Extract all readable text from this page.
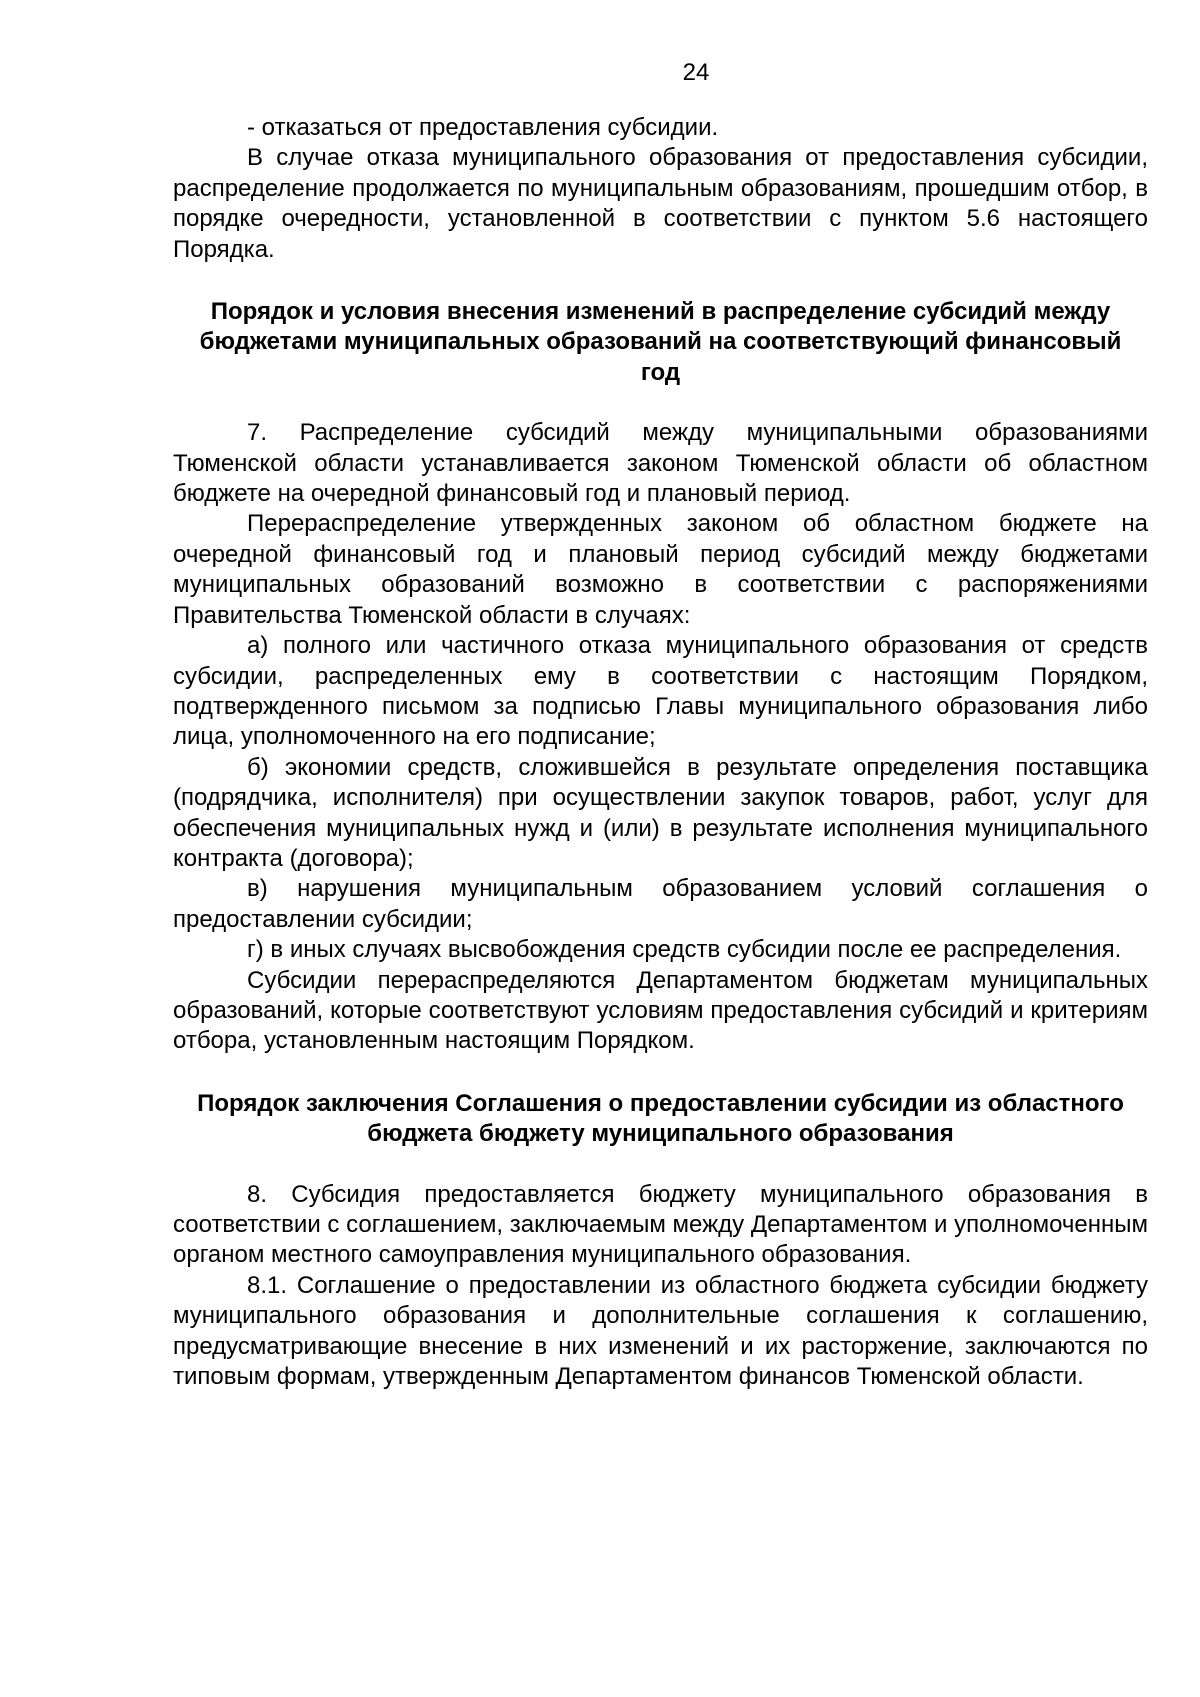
24

- отказаться от предоставления субсидии.

В случае отказа муниципального образования от предоставления субсидии, распределение продолжается по муниципальным образованиям, прошедшим отбор, в порядке очередности, установленной в соответствии с пунктом 5.6 настоящего Порядка.

Порядок и условия внесения изменений в распределение субсидий между бюджетами муниципальных образований на соответствующий финансовый год

7. Распределение субсидий между муниципальными образованиями Тюменской области устанавливается законом Тюменской области об областном бюджете на очередной финансовый год и плановый период.

Перераспределение утвержденных законом об областном бюджете на очередной финансовый год и плановый период субсидий между бюджетами муниципальных образований возможно в соответствии с распоряжениями Правительства Тюменской области в случаях:

а) полного или частичного отказа муниципального образования от средств субсидии, распределенных ему в соответствии с настоящим Порядком, подтвержденного письмом за подписью Главы муниципального образования либо лица, уполномоченного на его подписание;

б) экономии средств, сложившейся в результате определения поставщика (подрядчика, исполнителя) при осуществлении закупок товаров, работ, услуг для обеспечения муниципальных нужд и (или) в результате исполнения муниципального контракта (договора);

в) нарушения муниципальным образованием условий соглашения о предоставлении субсидии;

г) в иных случаях высвобождения средств субсидии после ее распределения.

Субсидии перераспределяются Департаментом бюджетам муниципальных образований, которые соответствуют условиям предоставления субсидий и критериям отбора, установленным настоящим Порядком.

Порядок заключения Соглашения о предоставлении субсидии из областного бюджета бюджету муниципального образования

8. Субсидия предоставляется бюджету муниципального образования в соответствии с соглашением, заключаемым между Департаментом и уполномоченным органом местного самоуправления муниципального образования.

8.1. Соглашение о предоставлении из областного бюджета субсидии бюджету муниципального образования и дополнительные соглашения к соглашению, предусматривающие внесение в них изменений и их расторжение, заключаются по типовым формам, утвержденным Департаментом финансов Тюменской области.
